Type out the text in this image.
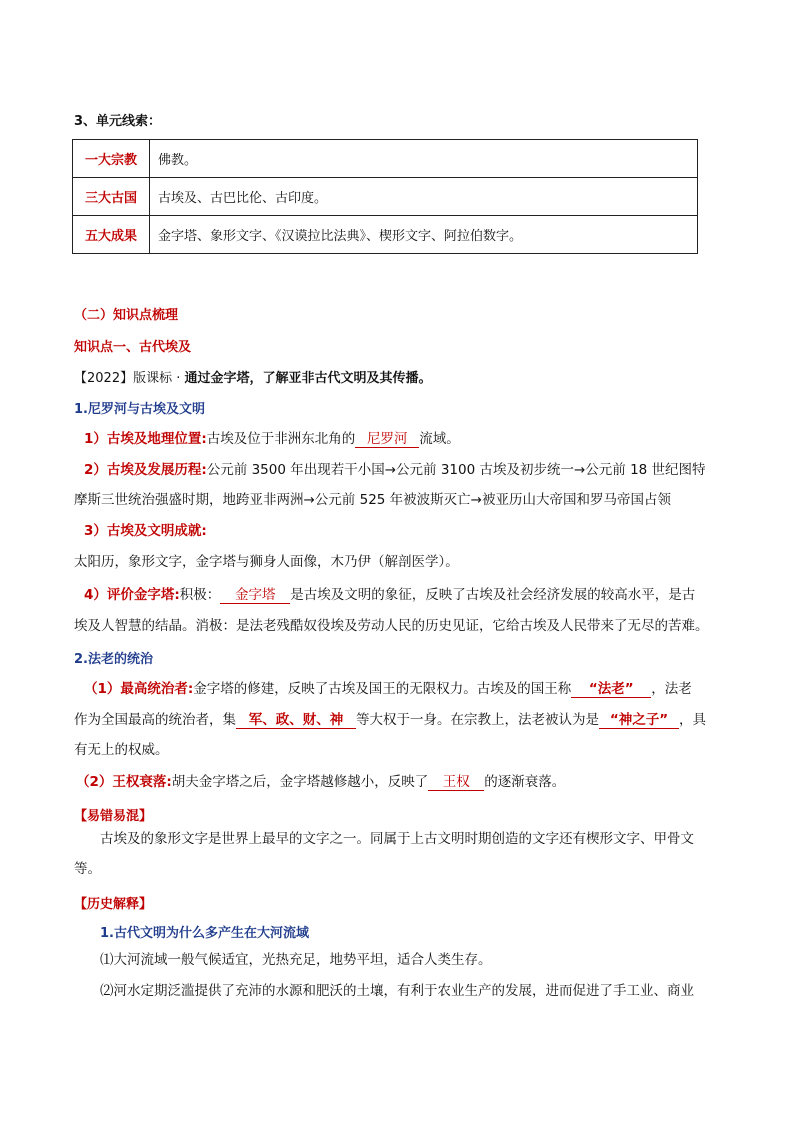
3、单元线索：
一大宗教	佛教。
三大古国	古埃及、古巴比伦、古印度。
五大成果	金字塔、象形文字、《汉谟拉比法典》、楔形文字、阿拉伯数字。
（二）知识点梳理
知识点一、古代埃及
【2022】版课标 · 通过金字塔，了解亚非古代文明及其传播。
1.尼罗河与古埃及文明
1）古埃及地理位置:古埃及位于非洲东北角的 尼罗河 流域。
2）古埃及发展历程:公元前 3500 年出现若干小国→公元前 3100 古埃及初步统一→公元前 18 世纪图特
摩斯三世统治强盛时期，地跨亚非两洲→公元前 525 年被波斯灭亡→被亚历山大帝国和罗马帝国占领
3）古埃及文明成就:
太阳历，象形文字，金字塔与狮身人面像，木乃伊（解剖医学）。
4）评价金字塔:积极： 金字塔 是古埃及文明的象征，反映了古埃及社会经济发展的较高水平，是古
埃及人智慧的结晶。消极：是法老残酷奴役埃及劳动人民的历史见证，它给古埃及人民带来了无尽的苦难。
2.法老的统治
（1）最高统治者:金字塔的修建，反映了古埃及国王的无限权力。古埃及的国王称 “法老” ，法老
作为全国最高的统治者，集 军、政、财、神 等大权于一身。在宗教上，法老被认为是 “神之子” ，具
有无上的权威。
（2）王权衰落:胡夫金字塔之后，金字塔越修越小，反映了 王权 的逐渐衰落。
【易错易混】
古埃及的象形文字是世界上最早的文字之一。同属于上古文明时期创造的文字还有楔形文字、甲骨文
等。
【历史解释】
1.古代文明为什么多产生在大河流域
⑴大河流域一般气候适宜，光热充足，地势平坦，适合人类生存。
⑵河水定期泛滥提供了充沛的水源和肥沃的土壤，有利于农业生产的发展，进而促进了手工业、商业
